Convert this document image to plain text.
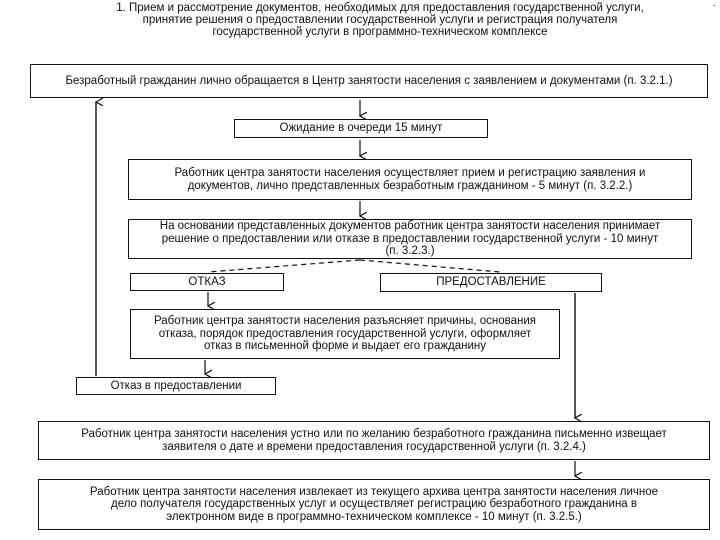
1. Прием и рассмотрение документов, необходимых для предоставления государственной услуги, принятие решения о предоставлении государственной услуги и регистрация получателя государственной услуги в программно-техническом комплексе
·
Безработный гражданин лично обращается в Центр занятости населения с заявлением и документами (п. 3.2.1.)
Ожидание в очереди 15 минут
Работник центра занятости населения осуществляет прием и регистрацию заявления и документов, лично представленных безработным гражданином - 5 минут (п. 3.2.2.)
На основании представленных документов работник центра занятости населения принимает решение о предоставлении или отказе в предоставлении государственной услуги - 10 минут (п. 3.2.3.)
ОТКАЗ	ПРЕДОСТАВЛЕНИЕ
Работник центра занятости населения разъясняет причины, основания отказа, порядок предоставления государственной услуги, оформляет отказ в письменной форме и выдает его гражданину
Отказ в предоставлении
Работник центра занятости населения устно или по желанию безработного гражданина письменно извещает заявителя о дате и времени предоставления государственной услуги (п. 3.2.4.)
Работник центра занятости населения извлекает из текущего архива центра занятости населения личное дело получателя государственных услуг и осуществляет регистрацию безработного гражданина в электронном виде в программно-техническом комплексе - 10 минут (п. 3.2.5.)
